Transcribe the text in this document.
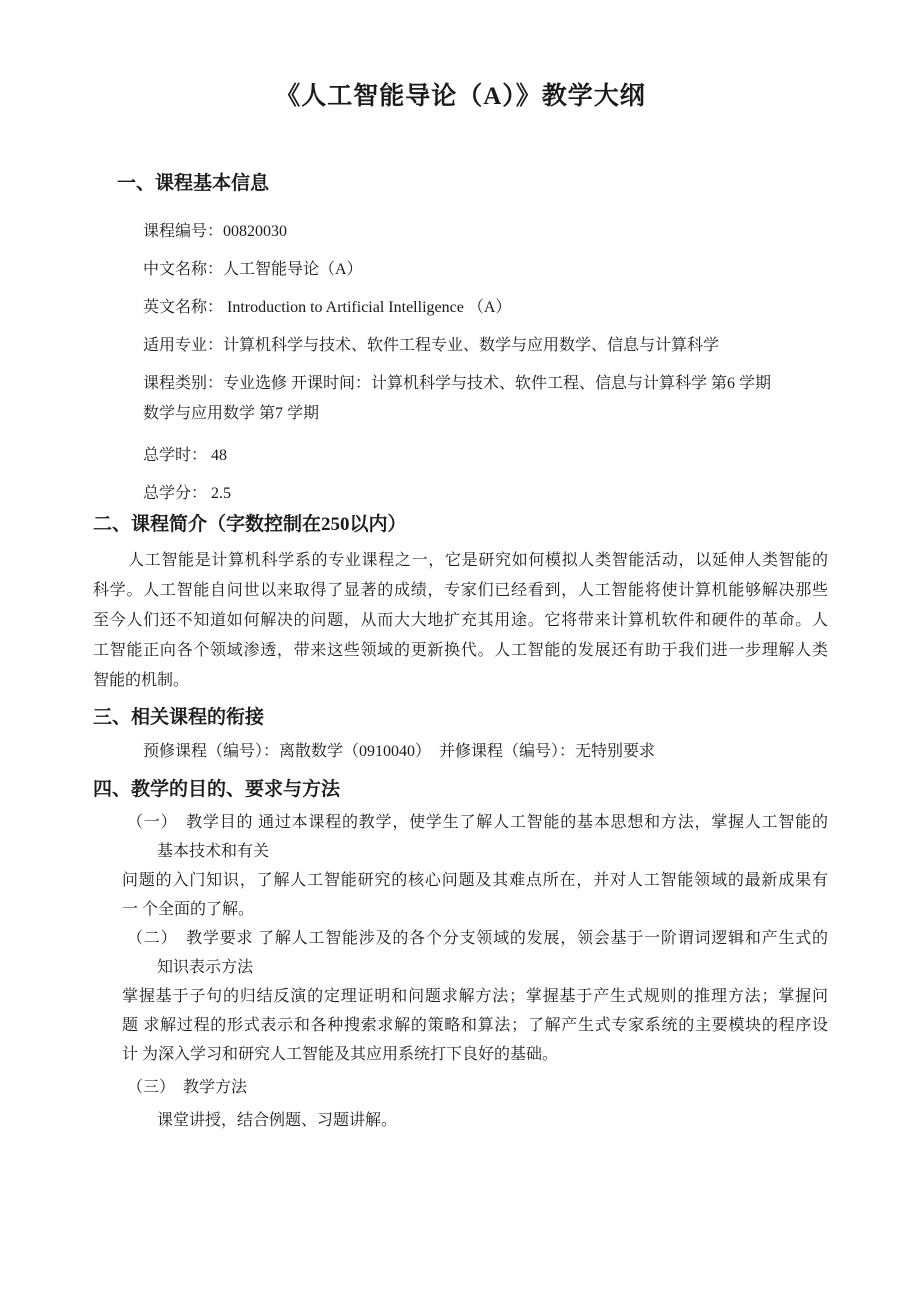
《人工智能导论（A）》教学大纲
一、课程基本信息
课程编号：00820030
中文名称：人工智能导论（A）
英文名称： Introduction to Artificial Intelligence （A）
适用专业：计算机科学与技术、软件工程专业、数学与应用数学、信息与计算科学
课程类别：专业选修 开课时间：计算机科学与技术、软件工程、信息与计算科学 第6 学期
数学与应用数学 第7 学期
总学时： 48
总学分： 2.5
二、课程简介（字数控制在250以内）
人工智能是计算机科学系的专业课程之一，它是研究如何模拟人类智能活动，以延伸人类智能的
科学。人工智能自问世以来取得了显著的成绩，专家们已经看到，人工智能将使计算机能够解决那些
至今人们还不知道如何解决的问题，从而大大地扩充其用途。它将带来计算机软件和硬件的革命。人
工智能正向各个领域渗透，带来这些领域的更新换代。人工智能的发展还有助于我们进一步理解人类
智能的机制。
三、相关课程的衔接
预修课程（编号）：离散数学（0910040）　并修课程（编号）：无特别要求
四、教学的目的、要求与方法
（一）　教学目的 通过本课程的教学，使学生了解人工智能的基本思想和方法，掌握人工智能的
基本技术和有关
问题的入门知识，了解人工智能研究的核心问题及其难点所在，并对人工智能领域的最新成果有
一 个全面的了解。
（二）　教学要求 了解人工智能涉及的各个分支领域的发展，领会基于一阶谓词逻辑和产生式的
知识表示方法
掌握基于子句的归结反演的定理证明和问题求解方法；掌握基于产生式规则的推理方法；掌握问
题 求解过程的形式表示和各种搜索求解的策略和算法；了解产生式专家系统的主要模块的程序设
计 为深入学习和研究人工智能及其应用系统打下良好的基础。
（三）　教学方法
课堂讲授，结合例题、习题讲解。
